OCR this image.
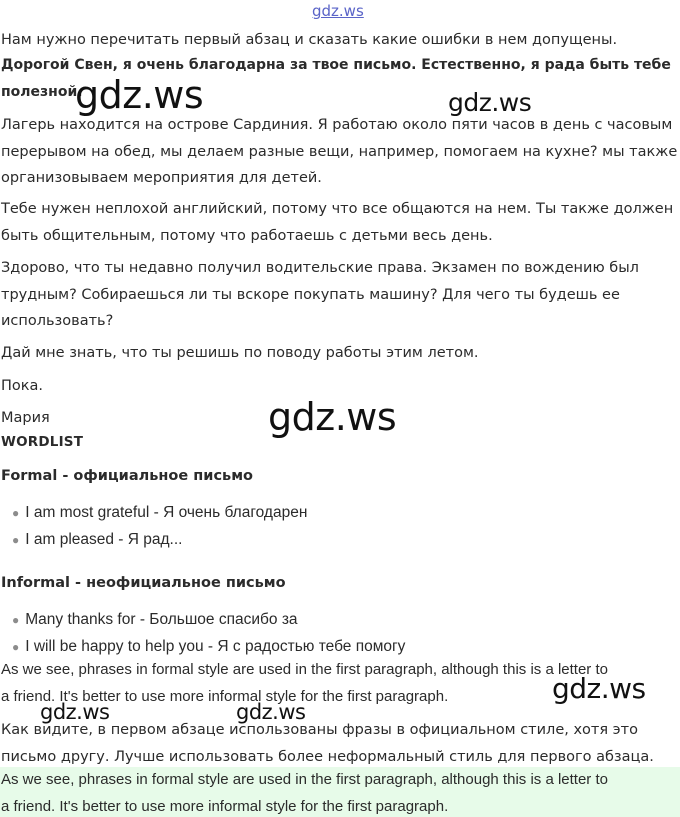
Нам нужно перечитать первый абзац и сказать какие ошибки в нем допущены.
Дорогой Свен, я очень благодарна за твое письмо. Естественно, я рада быть тебе
полезной.
Лагерь находится на острове Сардиния. Я работаю около пяти часов в день с часовым
перерывом на обед, мы делаем разные вещи, например, помогаем на кухне? мы также
организовываем мероприятия для детей.
Тебе нужен неплохой английский, потому что все общаются на нем. Ты также должен
быть общительным, потому что работаешь с детьми весь день.
Здорово, что ты недавно получил водительские права. Экзамен по вождению был
трудным? Собираешься ли ты вскоре покупать машину? Для чего ты будешь ее
использовать?
Дай мне знать, что ты решишь по поводу работы этим летом.
Пока.
Мария
WORDLIST
Formal - официальное письмо
● I am most grateful - Я очень благодарен
● I am pleased - Я рад...
Informal - неофициальное письмо
● Many thanks for - Большое спасибо за
● I will be happy to help you - Я с радостью тебе помогу
As we see, phrases in formal style are used in the first paragraph, although this is a letter to
a friend. It's better to use more informal style for the first paragraph.
Как видите, в первом абзаце использованы фразы в официальном стиле, хотя это
письмо другу. Лучше использовать более неформальный стиль для первого абзаца.
As we see, phrases in formal style are used in the first paragraph, although this is a letter to
a friend. It's better to use more informal style for the first paragraph.
gdz.ws
gdz.ws	gdz.ws
gdz.ws
gdz.ws
gdz.ws	gdz.ws
